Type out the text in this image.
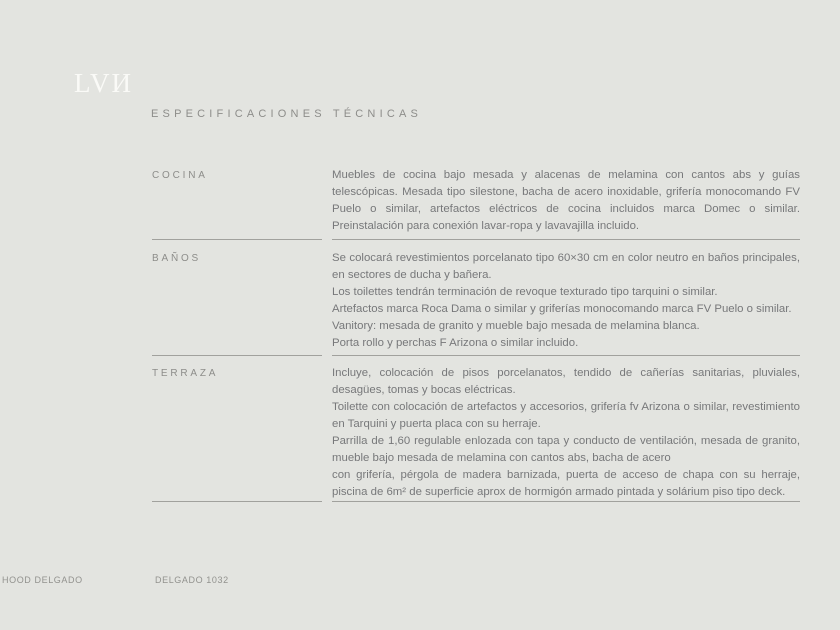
LVИ
ESPECIFICACIONES TÉCNICAS
COCINA	Muebles de cocina bajo mesada y alacenas de melamina con cantos abs y guías telescópicas. Mesada tipo silestone, bacha de acero inoxidable, grifería monocomando FV Puelo o similar, artefactos eléctricos de cocina incluidos marca Domec o similar. Preinstalación para conexión lavar-ropa y lavavajilla incluido.

BAÑOS	Se colocará revestimientos porcelanato tipo 60×30 cm en color neutro en baños principales, en sectores de ducha y bañera.

Los toilettes tendrán terminación de revoque texturado tipo tarquini o similar.

Artefactos marca Roca Dama o similar y griferías monocomando marca FV Puelo o similar.

Vanitory: mesada de granito y mueble bajo mesada de melamina blanca.

Porta rollo y perchas F Arizona o similar incluido.

TERRAZA	Incluye, colocación de pisos porcelanatos, tendido de cañerías sanitarias, pluviales, desagües, tomas y bocas eléctricas.

Toilette con colocación de artefactos y accesorios, grifería fv Arizona o similar, revestimiento en Tarquini y puerta placa con su herraje.

Parrilla de 1,60 regulable enlozada con tapa y conducto de ventilación, mesada de granito, mueble bajo mesada de melamina con cantos abs, bacha de acero

con grifería, pérgola de madera barnizada, puerta de acceso de chapa con su herraje, piscina de 6m² de superficie aprox de hormigón armado pintada y solárium piso tipo deck.

HOOD DELGADO	DELGADO 1032
